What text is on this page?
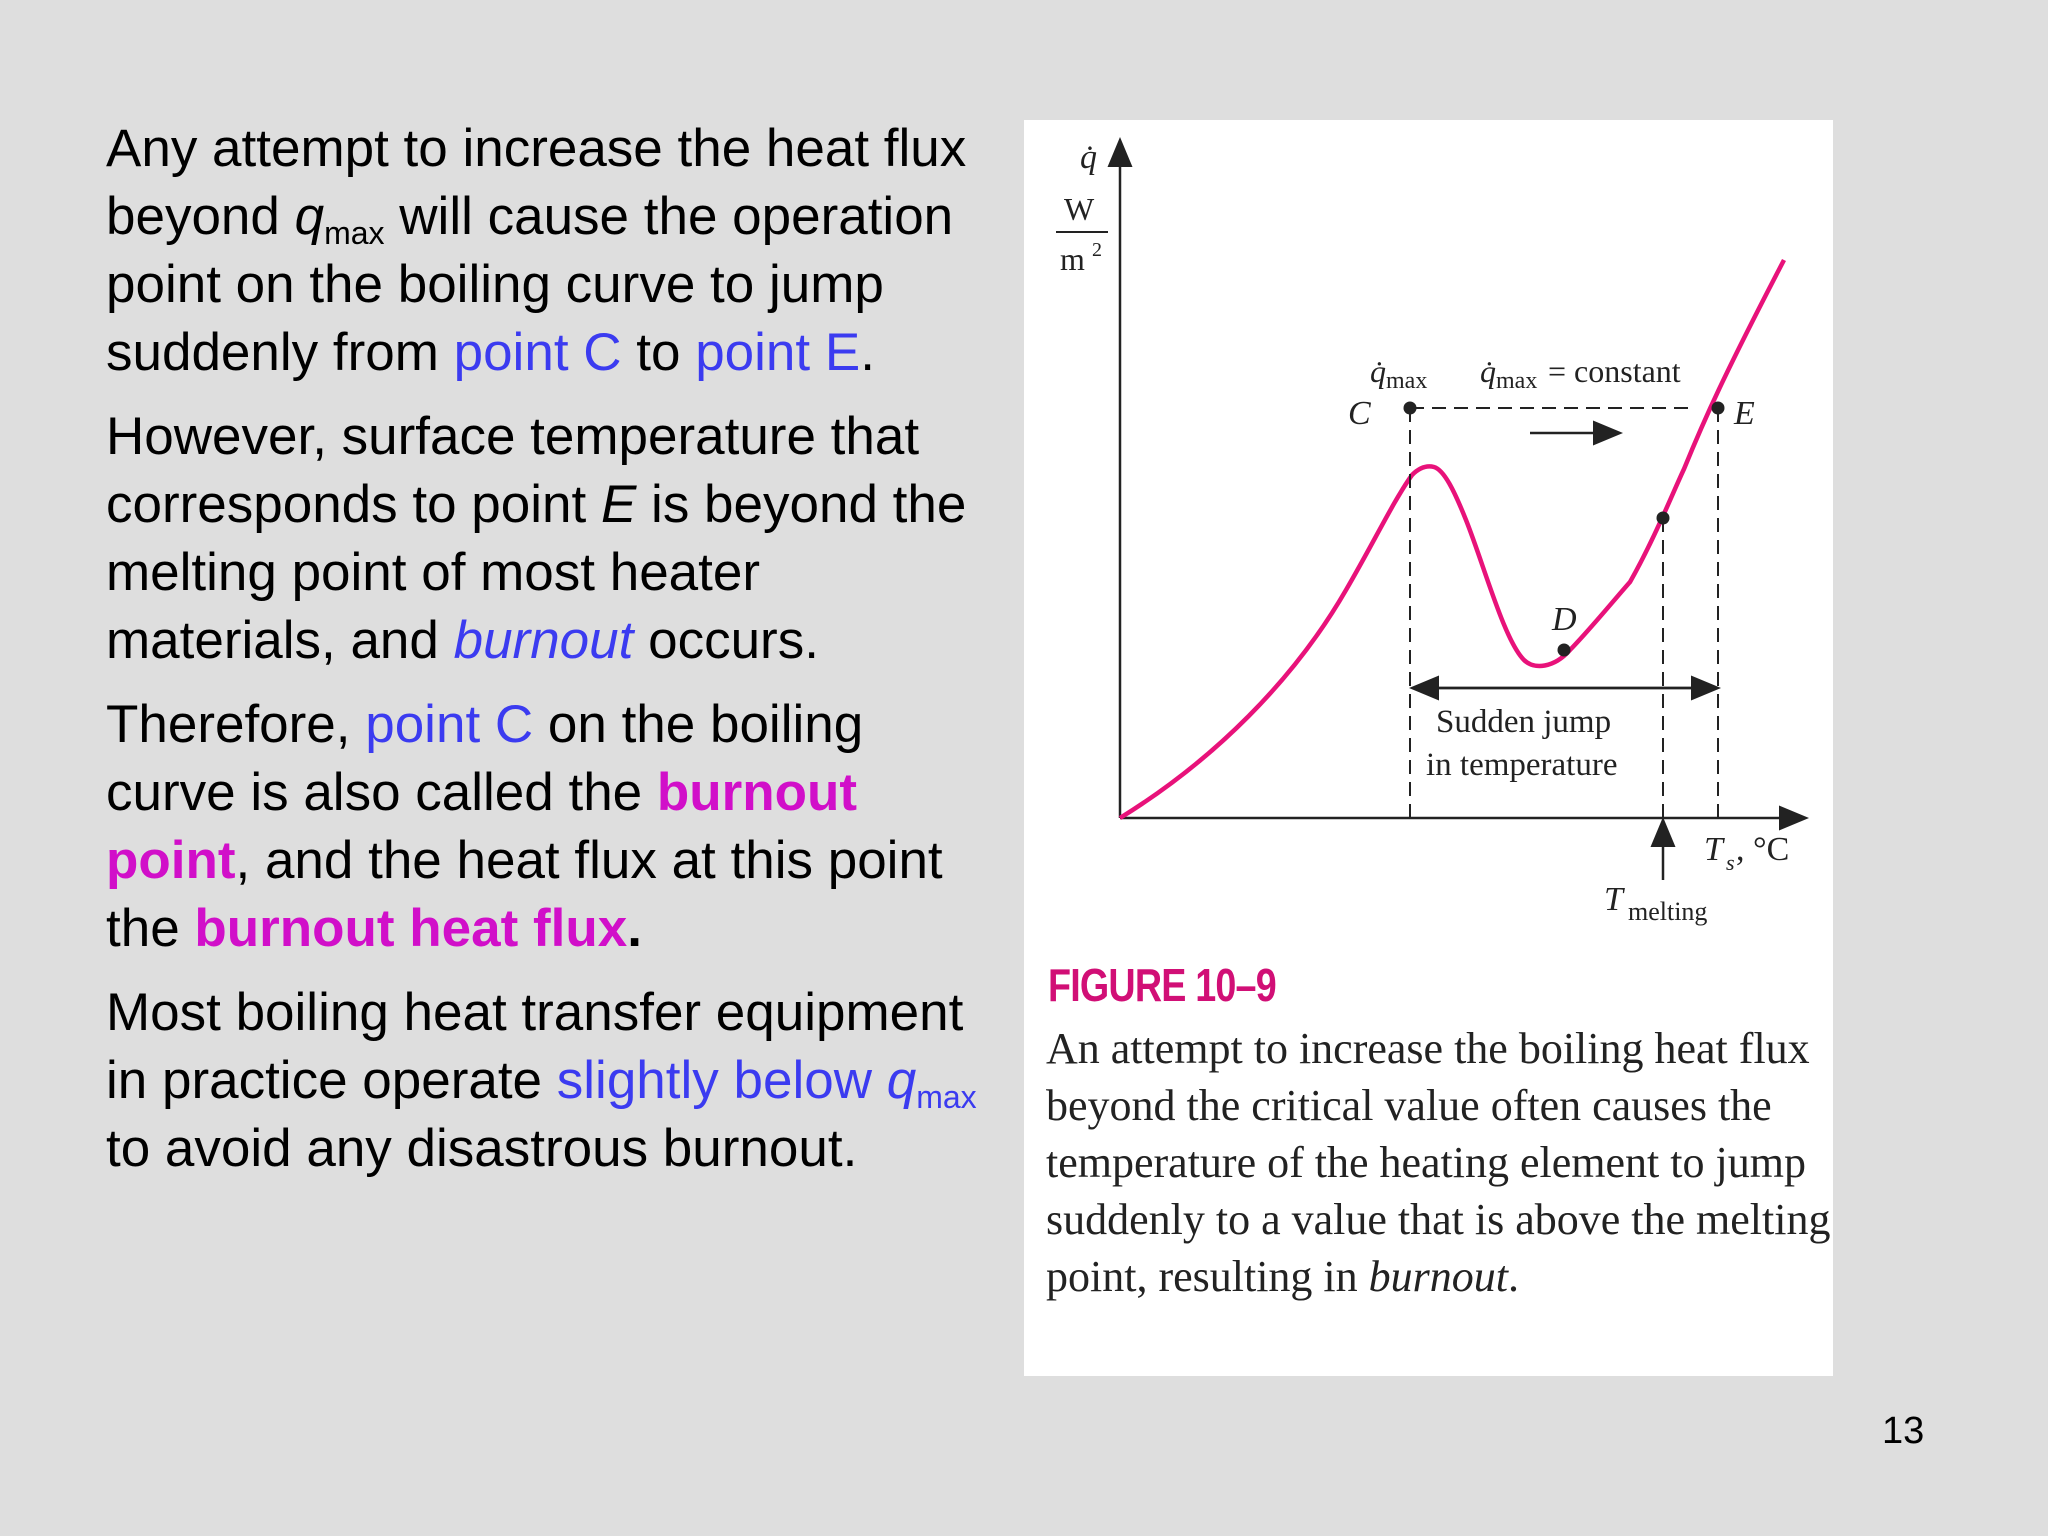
Any attempt to increase the heat flux beyond $q_{max}$ will cause the operation point on the boiling curve to jump suddenly from point C to point E.

However, surface temperature that corresponds to point E is beyond the melting point of most heater materials, and burnout occurs.

Therefore, point C on the boiling curve is also called the burnout point, and the heat flux at this point the burnout heat flux.

Most boiling heat transfer equipment in practice operate slightly below $q_{max}$ to avoid any disastrous burnout.

q̇
W
m 2
T s , °C
q̇ max q̇ max = constant
C
D
E
Sudden jump
in temperature
T melting
FIGURE 10–9
An attempt to increase the boiling heat flux beyond the critical value often causes the temperature of the heating element to jump suddenly to a value that is above the melting point, resulting in burnout.
13
